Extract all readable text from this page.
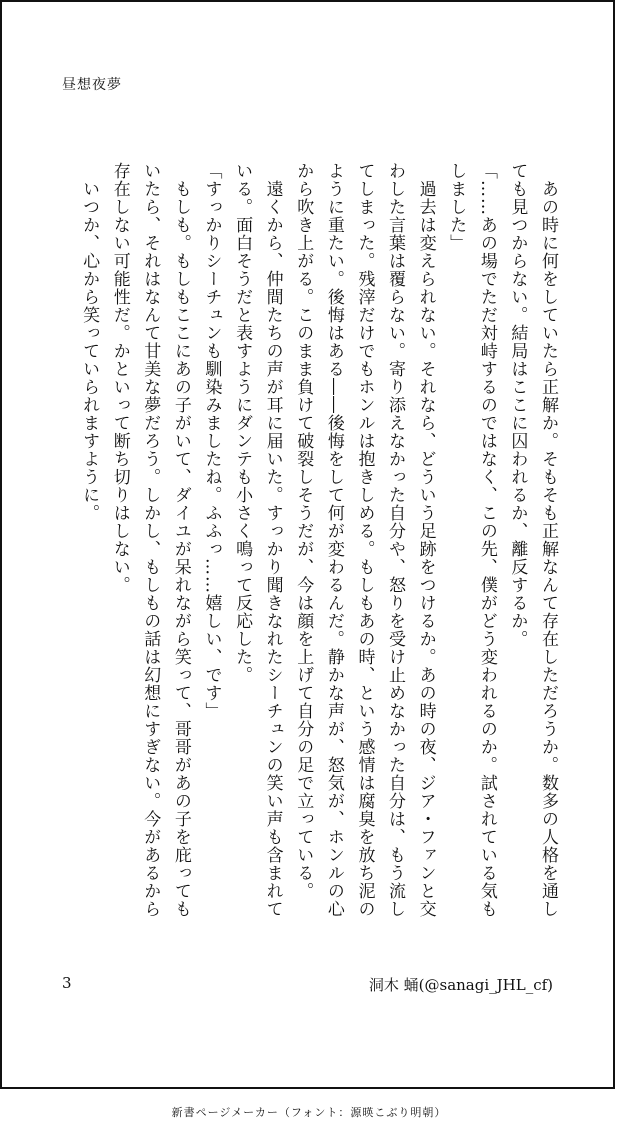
昼想夜夢
　あの時に何をしていたら正解か。そもそも正解なんて存在しただろうか。数多の人格を通し
ても見つからない。結局はここに囚われるか、離反するか。
「……あの場でただ対峙するのではなく、この先、僕がどう変われるのか。試されている気も
しました」
　過去は変えられない。それなら、どういう足跡をつけるか。あの時の夜、ジア・ファンと交
わした言葉は覆らない。寄り添えなかった自分や、怒りを受け止めなかった自分は、もう流し
てしまった。残滓だけでもホンルは抱きしめる。もしもあの時、という感情は腐臭を放ち泥の
ように重たい。後悔はある――後悔をして何が変わるんだ。静かな声が、怒気が、ホンルの心
から吹き上がる。このまま負けて破裂しそうだが、今は顔を上げて自分の足で立っている。
　遠くから、仲間たちの声が耳に届いた。すっかり聞きなれたシーチュンの笑い声も含まれて
いる。面白そうだと表すようにダンテも小さく鳴って反応した。
「すっかりシーチュンも馴染みましたね。ふふっ……嬉しい、です」
　もしも。もしもここにあの子がいて、ダイユが呆れながら笑って、哥哥があの子を庇っても
いたら、それはなんて甘美な夢だろう。しかし、もしもの話は幻想にすぎない。今があるから
存在しない可能性だ。かといって断ち切りはしない。
　いつか、心から笑っていられますように。
3	洞木 蛹(@sanagi_JHL_cf)
新書ページメーカー（フォント：源暎こぶり明朝）
